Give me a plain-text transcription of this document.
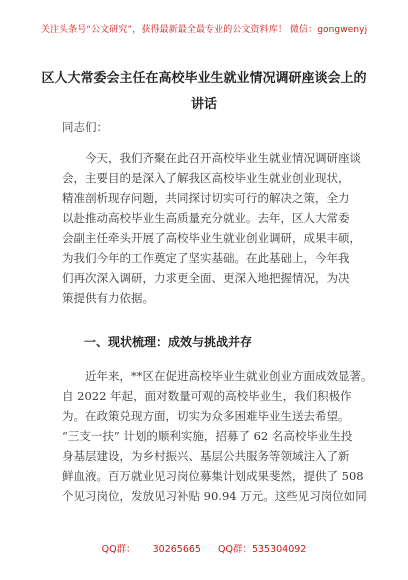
关注头条号“公文研究”，获得最新最全最专业的公文资料库！ 微信：gongwenyj
区人大常委会主任在高校毕业生就业情况调研座谈会上的
讲话
同志们：
今天，我们齐聚在此召开高校毕业生就业情况调研座谈
会，主要目的是深入了解我区高校毕业生就业创业现状，
精准剖析现存问题，共同探讨切实可行的解决之策，全力
以赴推动高校毕业生高质量充分就业。去年，区人大常委
会副主任牵头开展了高校毕业生就业创业调研，成果丰硕，
为我们今年的工作奠定了坚实基础。在此基础上，今年我
们再次深入调研，力求更全面、更深入地把握情况，为决
策提供有力依据。
一、现状梳理：成效与挑战并存
近年来，**区在促进高校毕业生就业创业方面成效显著。
自 2022 年起，面对数量可观的高校毕业生，我们积极作
为。在政策兑现方面，切实为众多困难毕业生送去希望。
“三支一扶” 计划的顺利实施，招募了 62 名高校毕业生投
身基层建设，为乡村振兴、基层公共服务等领域注入了新
鲜血液。百万就业见习岗位募集计划成果斐然，提供了 508
个见习岗位，发放见习补贴 90.94 万元。这些见习岗位如同
QQ群： 30265665 QQ群：535304092
